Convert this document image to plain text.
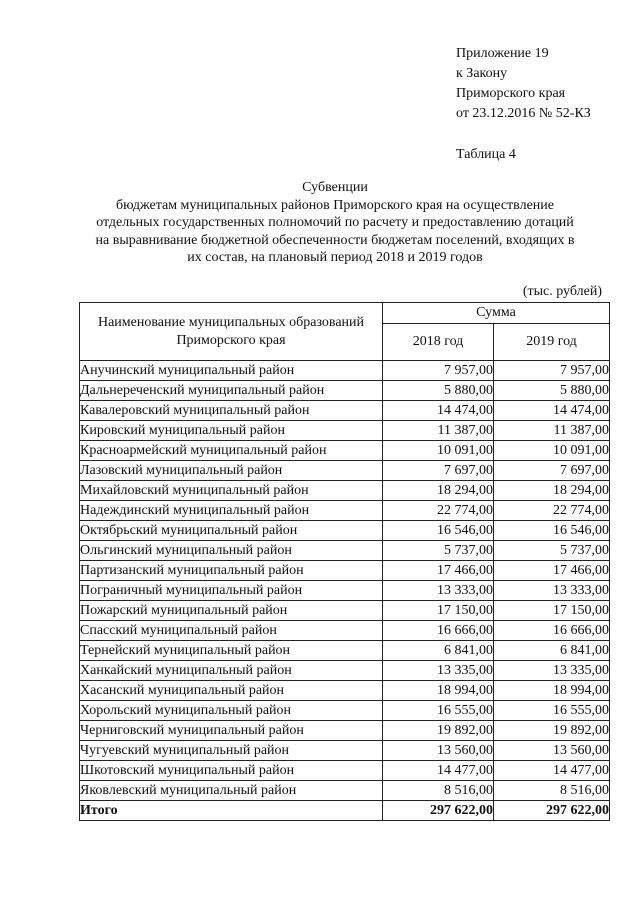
Приложение 19
к Закону
Приморского края
от 23.12.2016 № 52-КЗ
Таблица 4
Субвенции
бюджетам муниципальных районов Приморского края на осуществление
отдельных государственных полномочий по расчету и предоставлению дотаций
на выравнивание бюджетной обеспеченности бюджетам поселений, входящих в
их состав, на плановый период 2018 и 2019 годов
(тыс. рублей)
Наименование муниципальных образований Приморского края	Сумма	
	2018 год	2019 год
Анучинский муниципальный район	7 957,00	7 957,00
Дальнереченский муниципальный район	5 880,00	5 880,00
Кавалеровский муниципальный район	14 474,00	14 474,00
Кировский муниципальный район	11 387,00	11 387,00
Красноармейский муниципальный район	10 091,00	10 091,00
Лазовский муниципальный район	7 697,00	7 697,00
Михайловский муниципальный район	18 294,00	18 294,00
Надеждинский муниципальный район	22 774,00	22 774,00
Октябрьский муниципальный район	16 546,00	16 546,00
Ольгинский муниципальный район	5 737,00	5 737,00
Партизанский муниципальный район	17 466,00	17 466,00
Пограничный муниципальный район	13 333,00	13 333,00
Пожарский муниципальный район	17 150,00	17 150,00
Спасский муниципальный район	16 666,00	16 666,00
Тернейский муниципальный район	6 841,00	6 841,00
Ханкайский муниципальный район	13 335,00	13 335,00
Хасанский муниципальный район	18 994,00	18 994,00
Хорольский муниципальный район	16 555,00	16 555,00
Черниговский муниципальный район	19 892,00	19 892,00
Чугуевский муниципальный район	13 560,00	13 560,00
Шкотовский муниципальный район	14 477,00	14 477,00
Яковлевский муниципальный район	8 516,00	8 516,00
Итого	297 622,00	297 622,00
